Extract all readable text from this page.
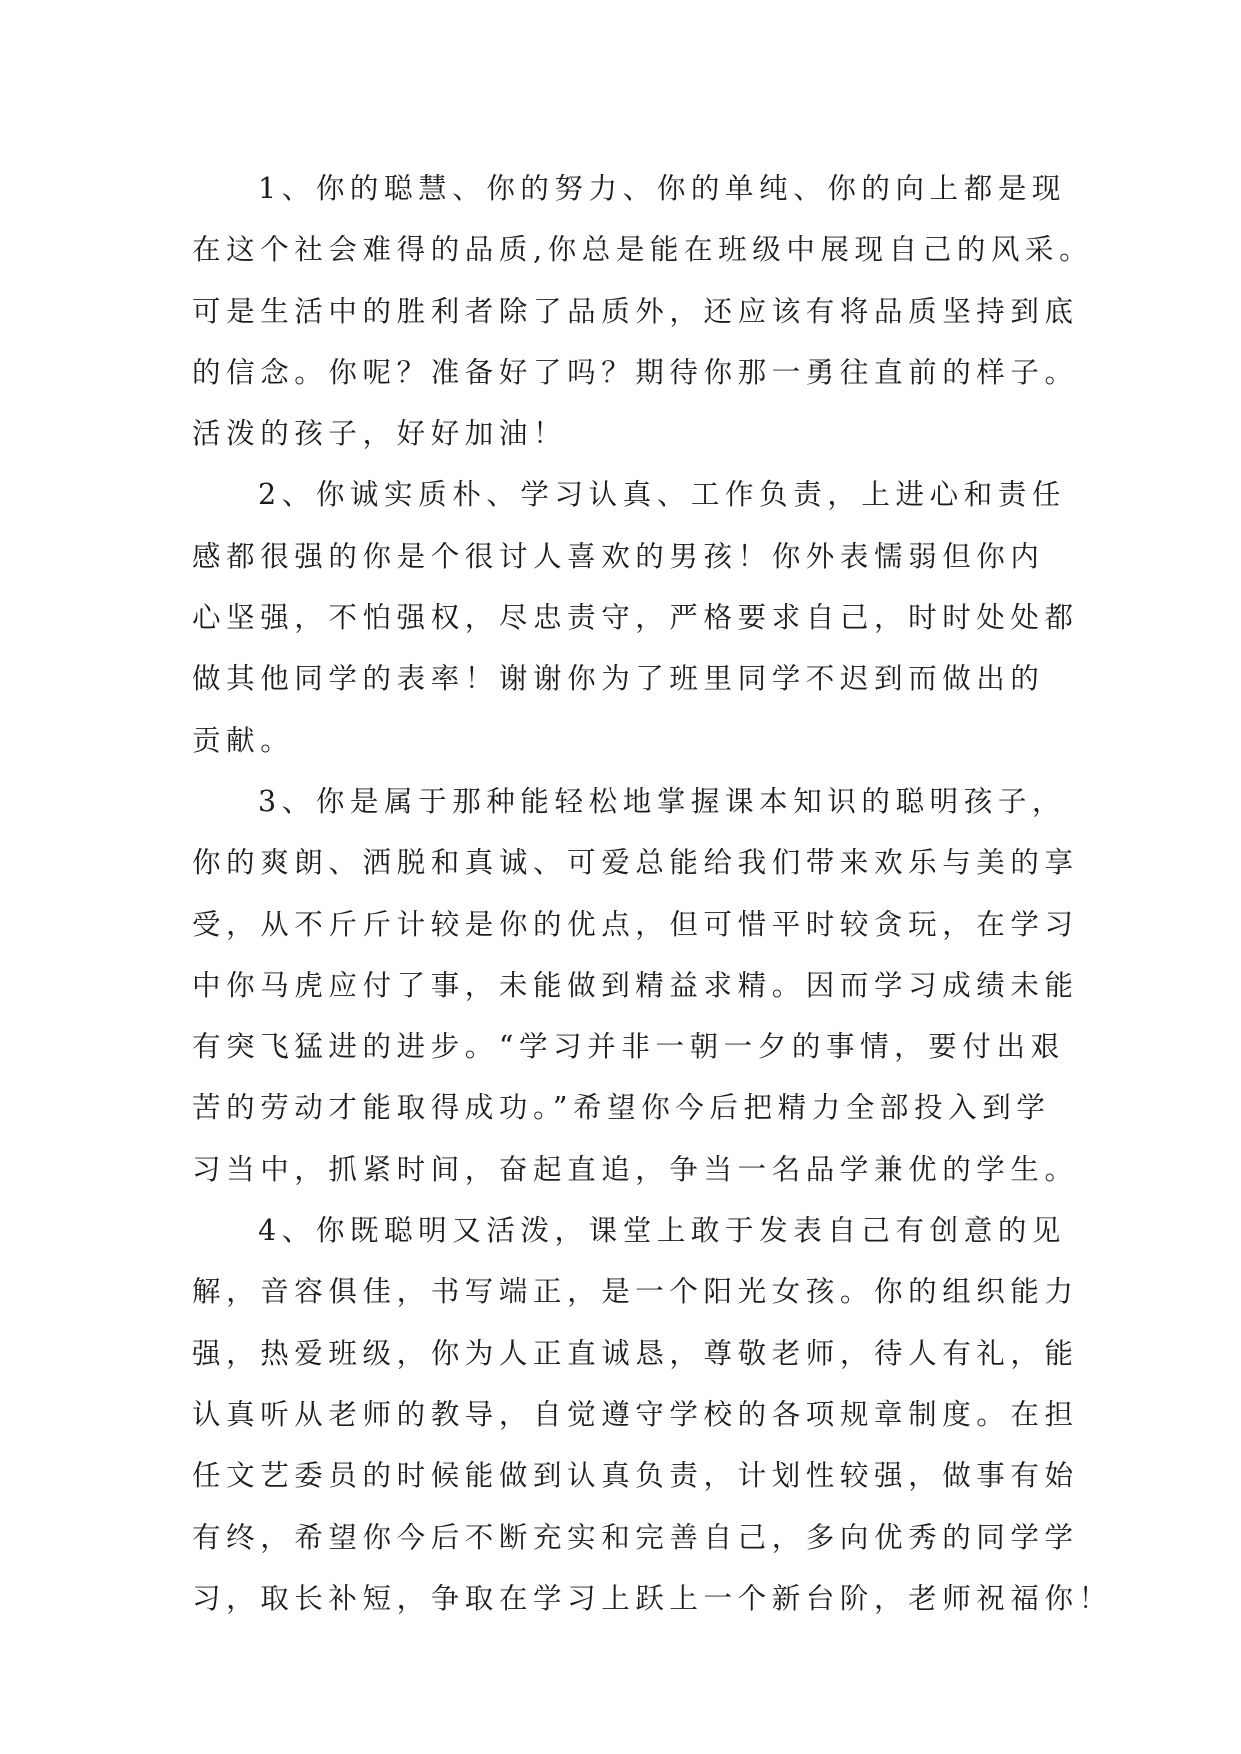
1、你的聪慧、你的努力、你的单纯、你的向上都是现
在这个社会难得的品质,你总是能在班级中展现自己的风采。
可是生活中的胜利者除了品质外，还应该有将品质坚持到底
的信念。你呢？准备好了吗？期待你那一勇往直前的样子。
活泼的孩子，好好加油！
2、你诚实质朴、学习认真、工作负责，上进心和责任
感都很强的你是个很讨人喜欢的男孩！你外表懦弱但你内
心坚强，不怕强权，尽忠责守，严格要求自己，时时处处都
做其他同学的表率！谢谢你为了班里同学不迟到而做出的
贡献。
3、你是属于那种能轻松地掌握课本知识的聪明孩子，
你的爽朗、洒脱和真诚、可爱总能给我们带来欢乐与美的享
受，从不斤斤计较是你的优点，但可惜平时较贪玩，在学习
中你马虎应付了事，未能做到精益求精。因而学习成绩未能
有突飞猛进的进步。“学习并非一朝一夕的事情，要付出艰
苦的劳动才能取得成功。”希望你今后把精力全部投入到学
习当中，抓紧时间，奋起直追，争当一名品学兼优的学生。
4、你既聪明又活泼，课堂上敢于发表自己有创意的见
解，音容俱佳，书写端正，是一个阳光女孩。你的组织能力
强，热爱班级，你为人正直诚恳，尊敬老师，待人有礼，能
认真听从老师的教导，自觉遵守学校的各项规章制度。在担
任文艺委员的时候能做到认真负责，计划性较强，做事有始
有终，希望你今后不断充实和完善自己，多向优秀的同学学
习，取长补短，争取在学习上跃上一个新台阶，老师祝福你！
